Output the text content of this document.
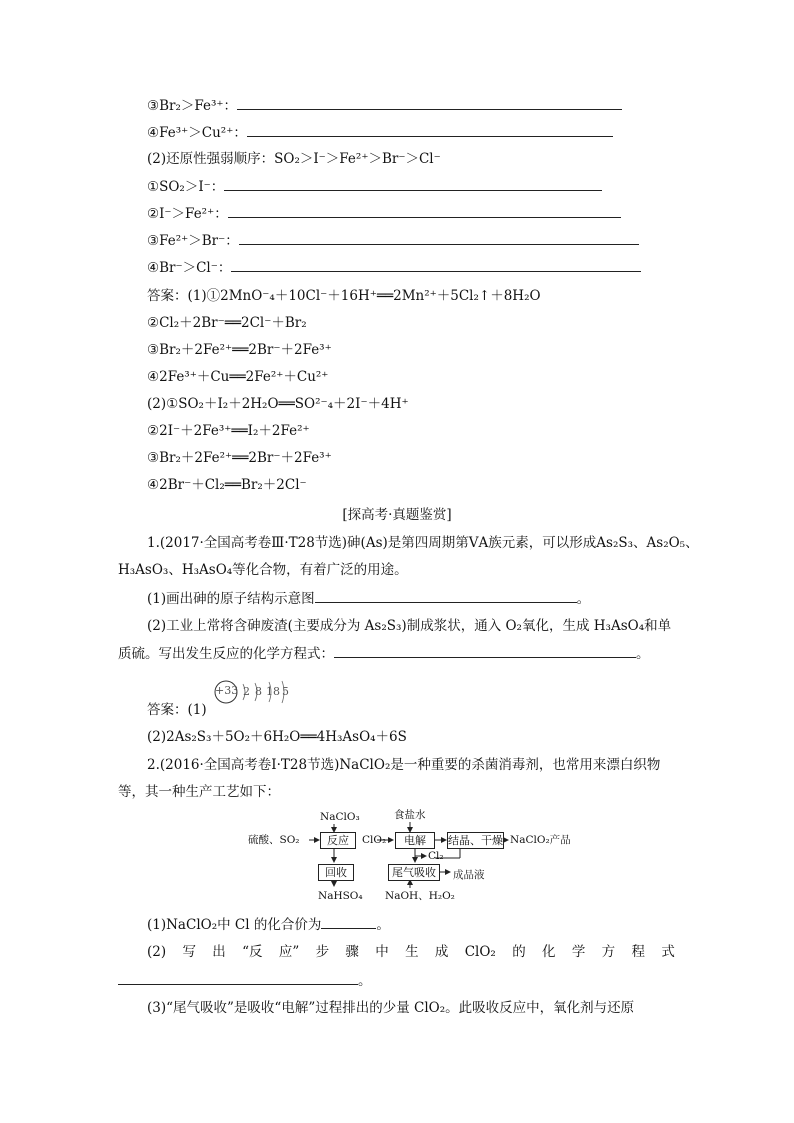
③Br₂＞Fe³⁺：
④Fe³⁺＞Cu²⁺：
(2)还原性强弱顺序：SO₂＞I⁻＞Fe²⁺＞Br⁻＞Cl⁻
①SO₂＞I⁻：
②I⁻＞Fe²⁺：
③Fe²⁺＞Br⁻：
④Br⁻＞Cl⁻：
答案：(1)①2MnO⁻₄＋10Cl⁻＋16H⁺══2Mn²⁺＋5Cl₂↑＋8H₂O
②Cl₂＋2Br⁻══2Cl⁻＋Br₂
③Br₂＋2Fe²⁺══2Br⁻＋2Fe³⁺
④2Fe³⁺＋Cu══2Fe²⁺＋Cu²⁺
(2)①SO₂＋I₂＋2H₂O══SO²⁻₄＋2I⁻＋4H⁺
②2I⁻＋2Fe³⁺══I₂＋2Fe²⁺
③Br₂＋2Fe²⁺══2Br⁻＋2Fe³⁺
④2Br⁻＋Cl₂══Br₂＋2Cl⁻
[探高考·真题鉴赏]
1.(2017·全国高考卷Ⅲ·T28节选)砷(As)是第四周期第ⅤA族元素，可以形成As₂S₃、As₂O₅、
H₃AsO₃、H₃AsO₄等化合物，有着广泛的用途。
(1)画出砷的原子结构示意图	。
(2)工业上常将含砷废渣(主要成分为 As₂S₃)制成浆状，通入 O₂氧化，生成 H₃AsO₄和单
质硫。写出发生反应的化学方程式：	。
+33 2 8 18 5
答案：(1)
(2)2As₂S₃＋5O₂＋6H₂O══4H₃AsO₄＋6S
2.(2016·全国高考卷Ⅰ·T28节选)NaClO₂是一种重要的杀菌消毒剂，也常用来漂白织物
等，其一种生产工艺如下：
硫酸、SO₂
NaClO₃
反应	ClO₂
食盐水
电解	结晶、干燥 NaClO₂产品
Cl₂
回收
NaHSO₄
尾气吸收	成品液
NaOH、H₂O₂
(1)NaClO₂中 Cl 的化合价为	。
(2) 写 出 “反 应” 步 骤 中 生 成 ClO₂ 的 化 学 方 程 式
。
(3)“尾气吸收”是吸收“电解”过程排出的少量 ClO₂。此吸收反应中，氧化剂与还原
